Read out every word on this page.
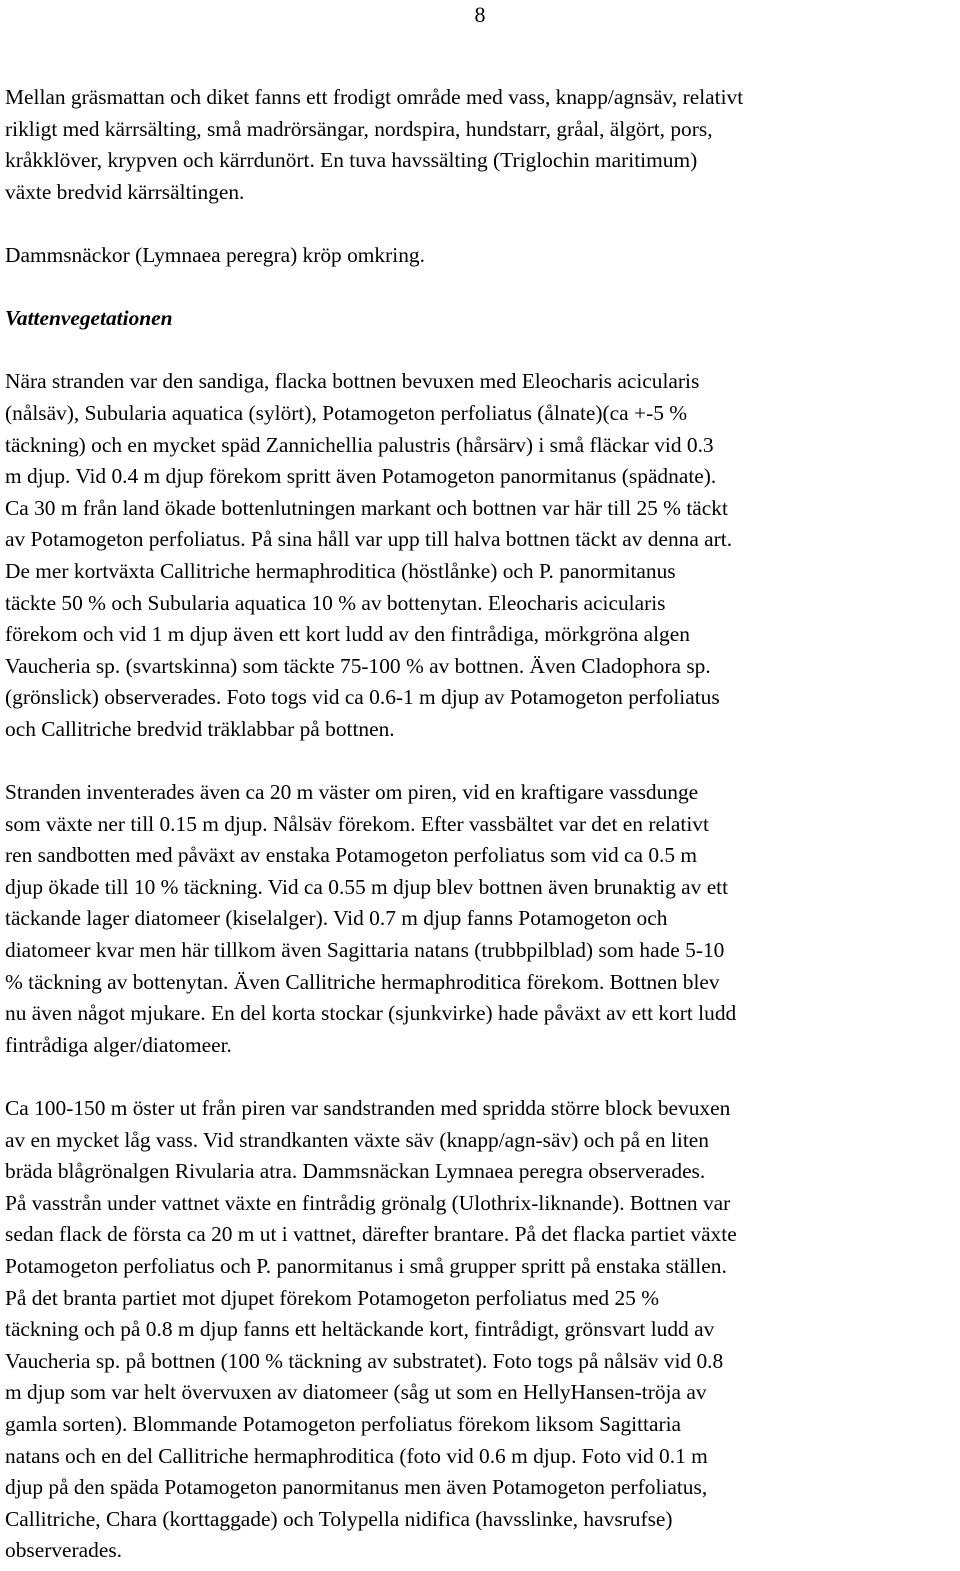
8

Mellan gräsmattan och diket fanns ett frodigt område med vass, knapp/agnsäv, relativt
rikligt med kärrsälting, små madrörsängar, nordspira, hundstarr, gråal, älgört, pors,
kråkklöver, krypven och kärrdunört. En tuva havssälting (Triglochin maritimum)
växte bredvid kärrsältingen.

Dammsnäckor (Lymnaea peregra) kröp omkring.

Vattenvegetationen

Nära stranden var den sandiga, flacka bottnen bevuxen med Eleocharis acicularis
(nålsäv), Subularia aquatica (sylört), Potamogeton perfoliatus (ålnate)(ca +-5 %
täckning) och en mycket späd Zannichellia palustris (hårsärv) i små fläckar vid 0.3
m djup. Vid 0.4 m djup förekom spritt även Potamogeton panormitanus (spädnate).
Ca 30 m från land ökade bottenlutningen markant och bottnen var här till 25 % täckt
av Potamogeton perfoliatus. På sina håll var upp till halva bottnen täckt av denna art.
De mer kortväxta Callitriche hermaphroditica (höstlånke) och P. panormitanus
täckte 50 % och Subularia aquatica 10 % av bottenytan. Eleocharis acicularis
förekom och vid 1 m djup även ett kort ludd av den fintrådiga, mörkgröna algen
Vaucheria sp. (svartskinna) som täckte 75-100 % av bottnen. Även Cladophora sp.
(grönslick) observerades. Foto togs vid ca 0.6-1 m djup av Potamogeton perfoliatus
och Callitriche bredvid träklabbar på bottnen.

Stranden inventerades även ca 20 m väster om piren, vid en kraftigare vassdunge
som växte ner till 0.15 m djup. Nålsäv förekom. Efter vassbältet var det en relativt
ren sandbotten med påväxt av enstaka Potamogeton perfoliatus som vid ca 0.5 m
djup ökade till 10 % täckning. Vid ca 0.55 m djup blev bottnen även brunaktig av ett
täckande lager diatomeer (kiselalger). Vid 0.7 m djup fanns Potamogeton och
diatomeer kvar men här tillkom även Sagittaria natans (trubbpilblad) som hade 5-10
% täckning av bottenytan. Även Callitriche hermaphroditica förekom. Bottnen blev
nu även något mjukare. En del korta stockar (sjunkvirke) hade påväxt av ett kort ludd
fintrådiga alger/diatomeer.

Ca 100-150 m öster ut från piren var sandstranden med spridda större block bevuxen
av en mycket låg vass. Vid strandkanten växte säv (knapp/agn-säv) och på en liten
bräda blågrönalgen Rivularia atra. Dammsnäckan Lymnaea peregra observerades.
På vasstrån under vattnet växte en fintrådig grönalg (Ulothrix-liknande). Bottnen var
sedan flack de första ca 20 m ut i vattnet, därefter brantare. På det flacka partiet växte
Potamogeton perfoliatus och P. panormitanus i små grupper spritt på enstaka ställen.
På det branta partiet mot djupet förekom Potamogeton perfoliatus med 25 %
täckning och på 0.8 m djup fanns ett heltäckande kort, fintrådigt, grönsvart ludd av
Vaucheria sp. på bottnen (100 % täckning av substratet). Foto togs på nålsäv vid 0.8
m djup som var helt övervuxen av diatomeer (såg ut som en HellyHansen-tröja av
gamla sorten). Blommande Potamogeton perfoliatus förekom liksom Sagittaria
natans och en del Callitriche hermaphroditica (foto vid 0.6 m djup. Foto vid 0.1 m
djup på den späda Potamogeton panormitanus men även Potamogeton perfoliatus,
Callitriche, Chara (korttaggade) och Tolypella nidifica (havsslinke, havsrufse)
observerades.
